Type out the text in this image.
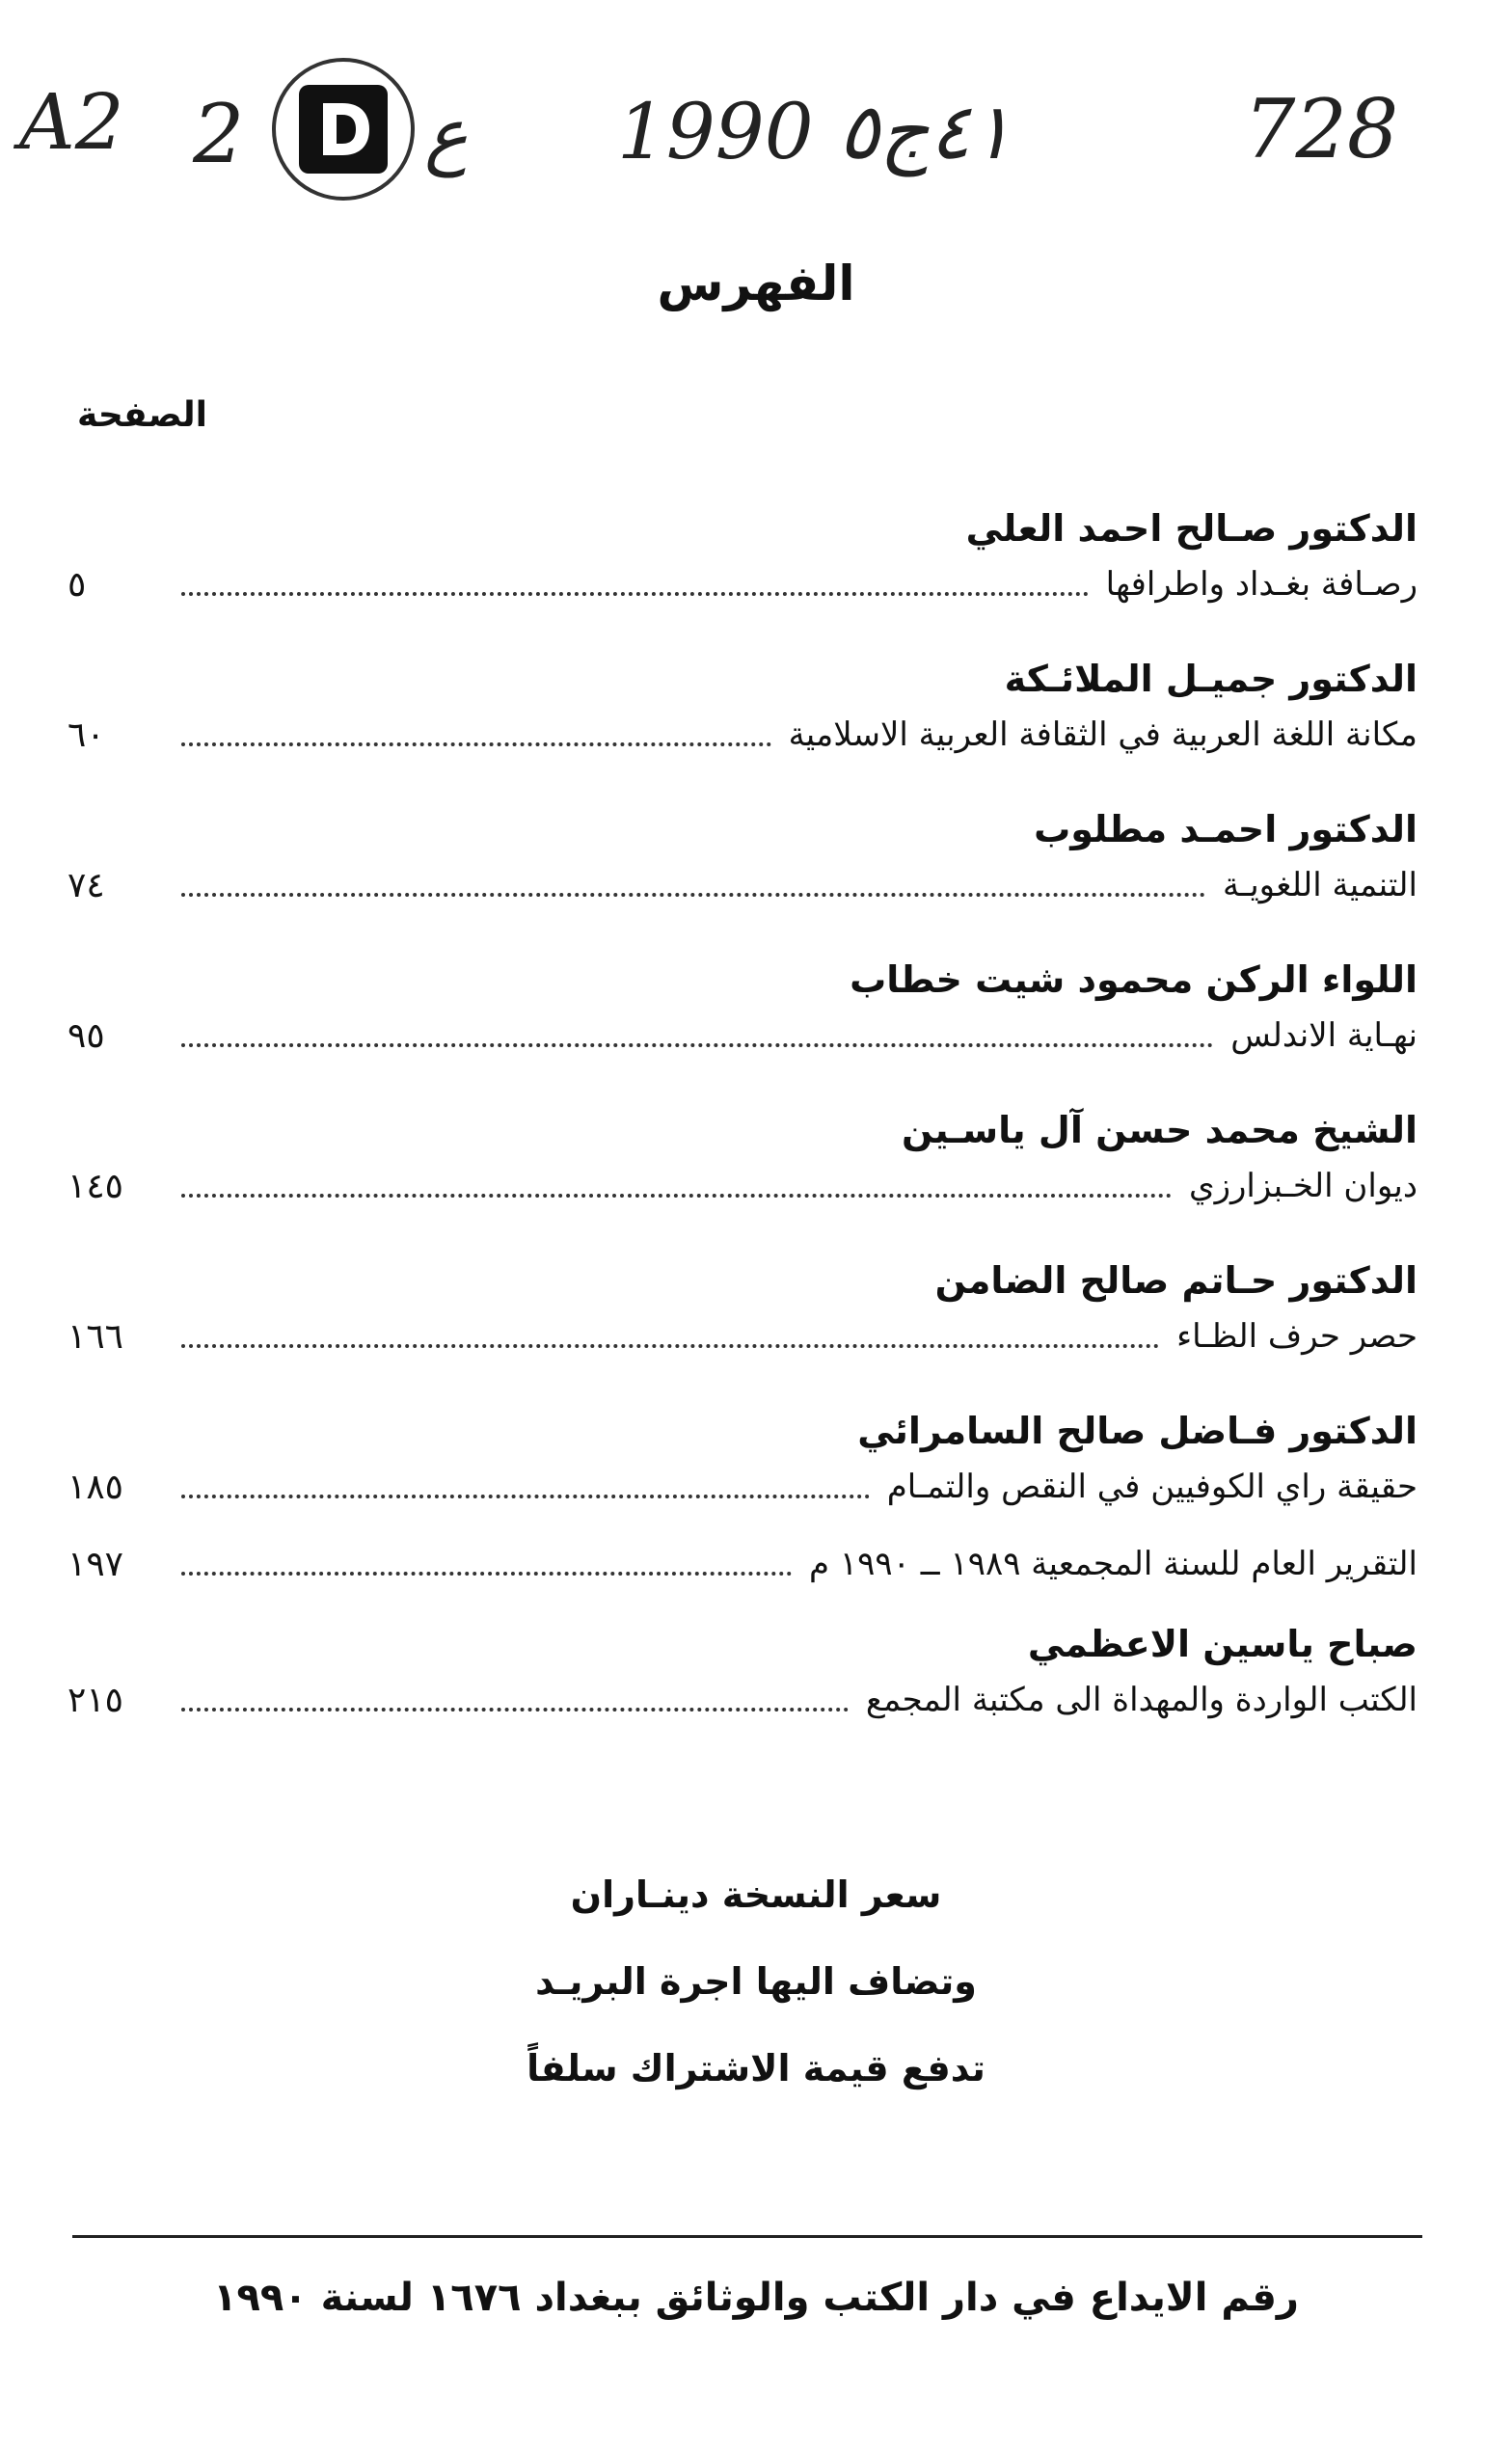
A2 2 ع ٤١ج٥ 1990	728
الفهرس
الصفحة
الدكتور صـالح احمد العلي
رصـافة بغـداد واطرافها
٥
الدكتور جميـل الملائـكة
مكانة اللغة العربية في الثقافة العربية الاسلامية
٦٠
الدكتور احمـد مطلوب
التنمية اللغويـة
٧٤
اللواء الركن محمود شيت خطاب
نهـاية الاندلس
٩٥
الشيخ محمد حسن آل ياسـين
ديوان الخـبزارزي
١٤٥
الدكتور حـاتم صالح الضامن
حصر حرف الظـاء
١٦٦
الدكتور فـاضل صالح السامرائي
حقيقة راي الكوفيين في النقص والتمـام
١٨٥
التقرير العام للسنة المجمعية ١٩٨٩ ــ ١٩٩٠ م
١٩٧
صباح ياسين الاعظمي
الكتب الواردة والمهداة الى مكتبة المجمع
٢١٥
سعر النسخة دينـاران
وتضاف اليها اجرة البريـد
تدفع قيمة الاشتراك سلفاً
رقم الايداع في دار الكتب والوثائق ببغداد ١٦٧٦ لسنة ١٩٩٠
